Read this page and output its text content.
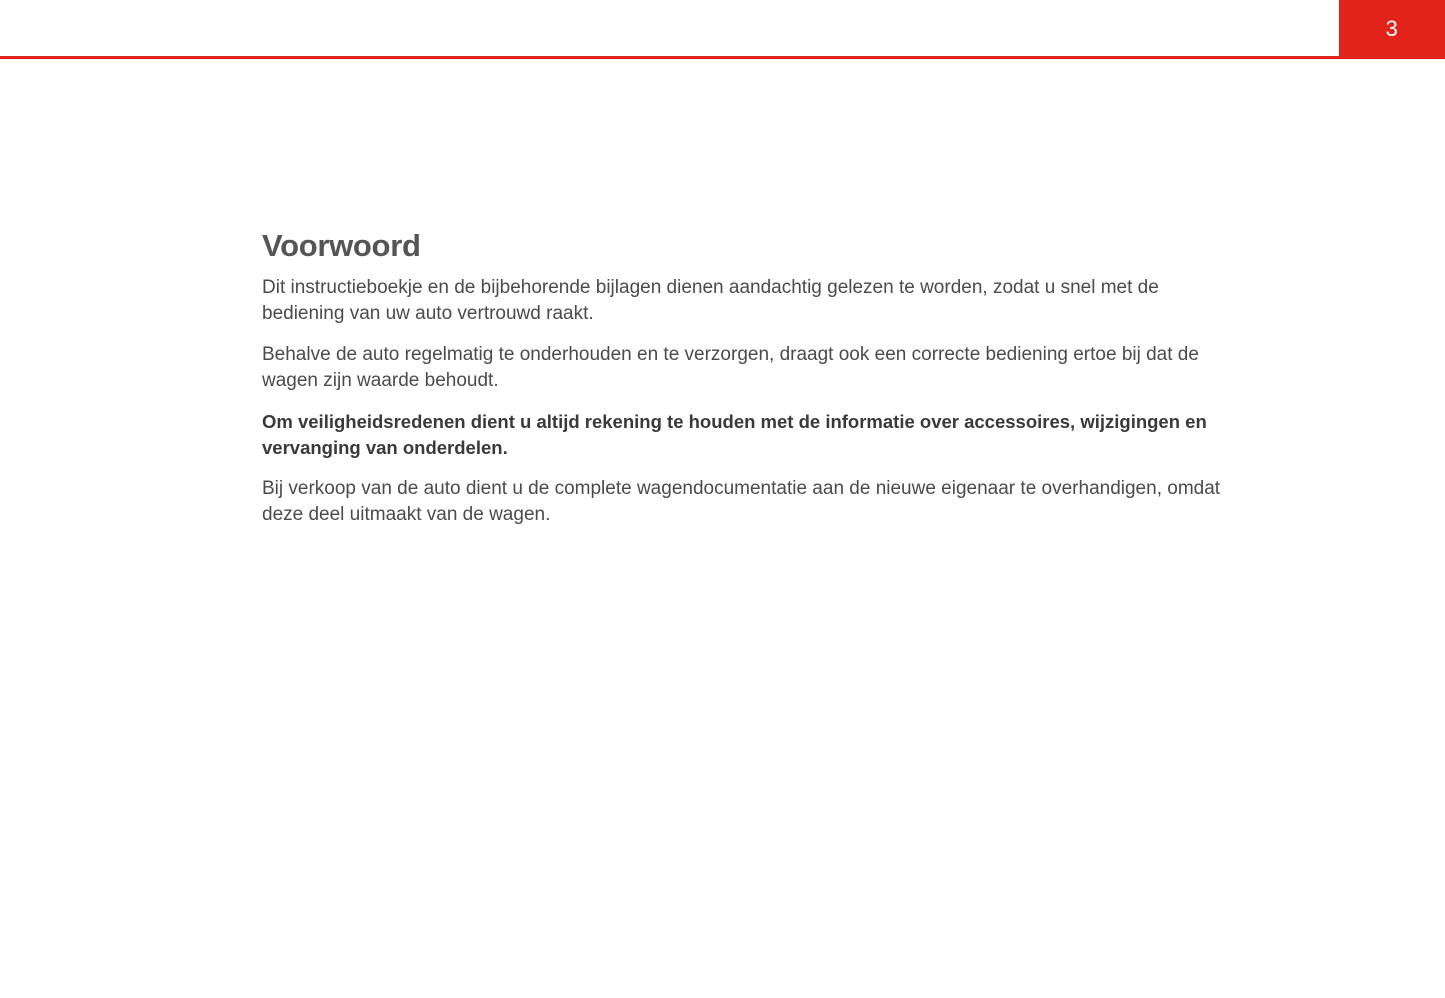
3
Voorwoord

Dit instructieboekje en de bijbehorende bijlagen dienen aandachtig gelezen te worden, zodat u snel met de bediening van uw auto vertrouwd raakt.

Behalve de auto regelmatig te onderhouden en te verzorgen, draagt ook een correcte bediening ertoe bij dat de wagen zijn waarde behoudt.

Om veiligheidsredenen dient u altijd rekening te houden met de informatie over accessoires, wijzigingen en vervanging van onderdelen.

Bij verkoop van de auto dient u de complete wagendocumentatie aan de nieuwe eigenaar te overhandigen, omdat deze deel uitmaakt van de wagen.
